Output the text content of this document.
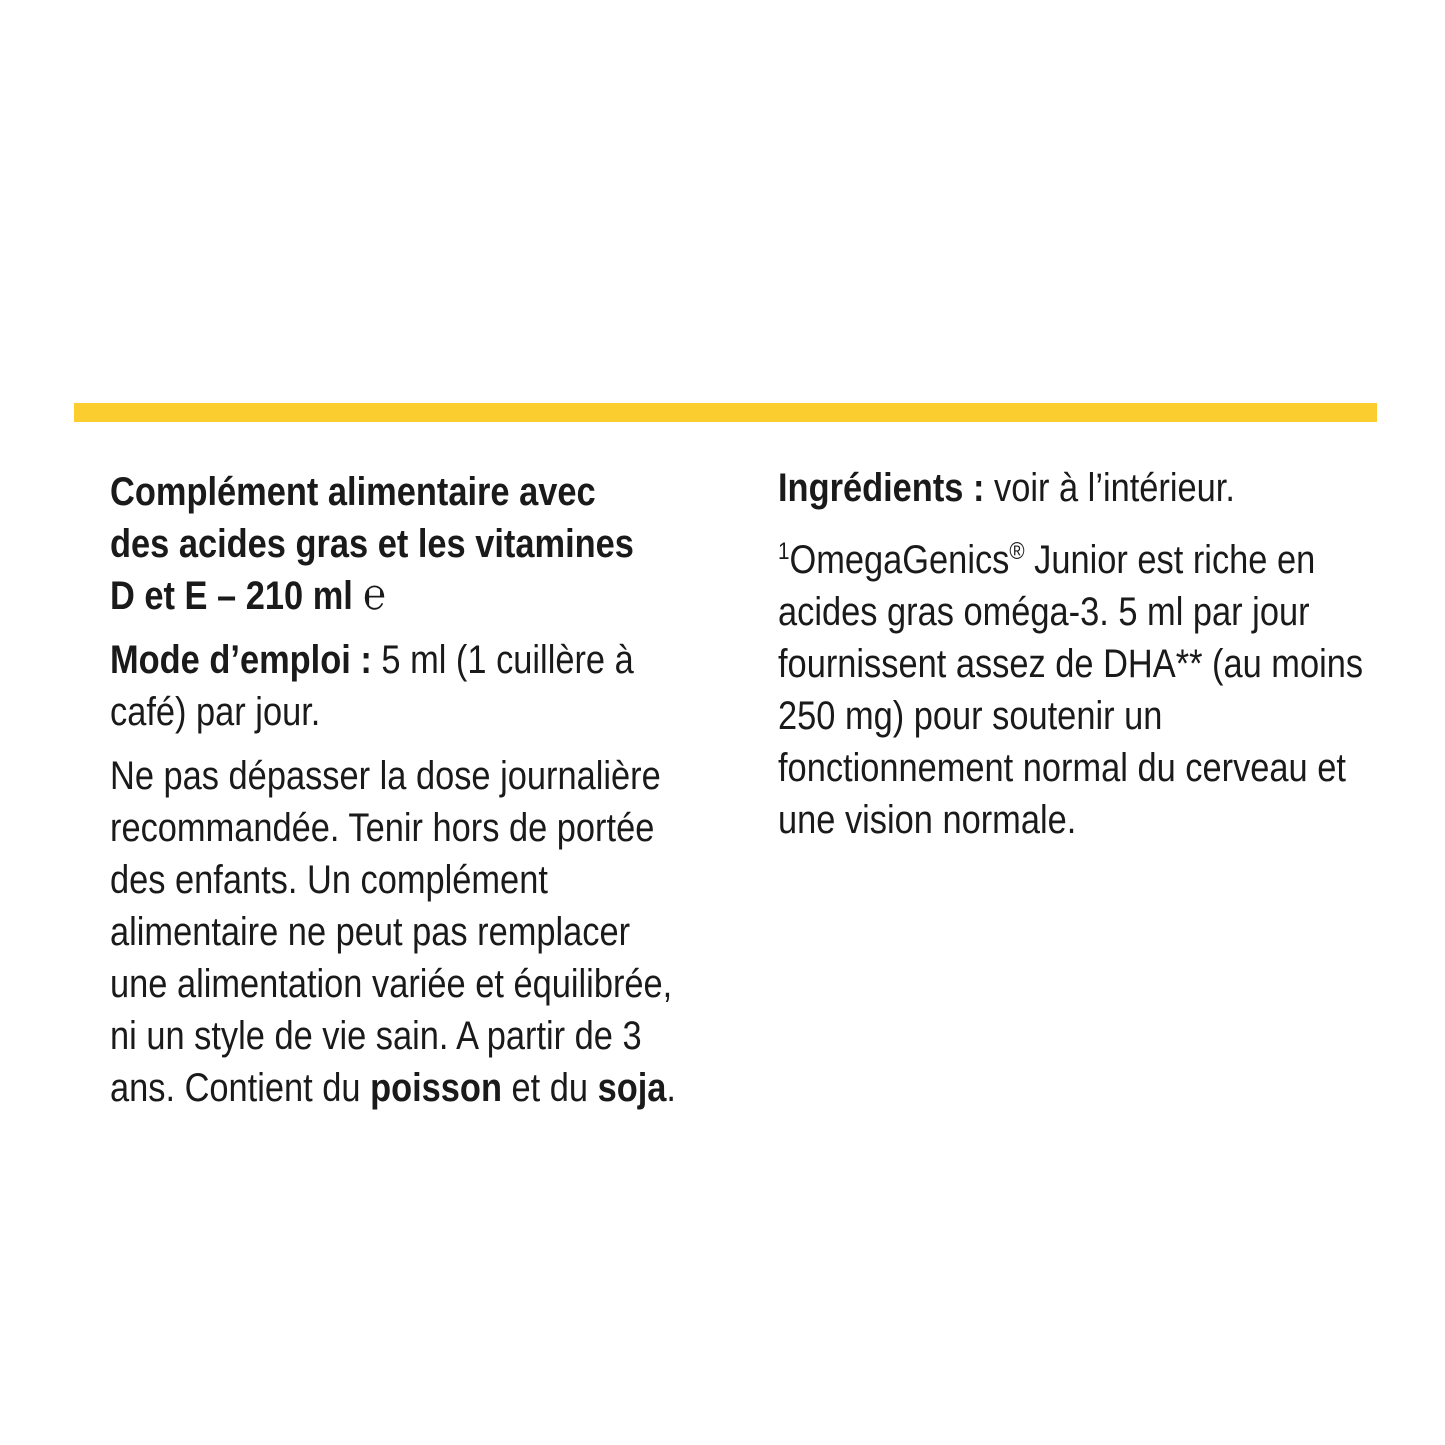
Complément alimentaire avec des acides gras et les vitamines D et E – 210 ml ℮

Mode d’emploi : 5 ml (1 cuillère à café) par jour.

Ne pas dépasser la dose journalière recommandée. Tenir hors de portée des enfants. Un complément alimentaire ne peut pas remplacer une alimentation variée et équilibrée, ni un style de vie sain. A partir de 3 ans. Contient du poisson et du soja.

Ingrédients : voir à l’intérieur.

$^1$OmegaGenics® Junior est riche en acides gras oméga-3. 5 ml par jour fournissent assez de DHA** (au moins 250 mg) pour soutenir un fonctionnement normal du cerveau et une vision normale.
